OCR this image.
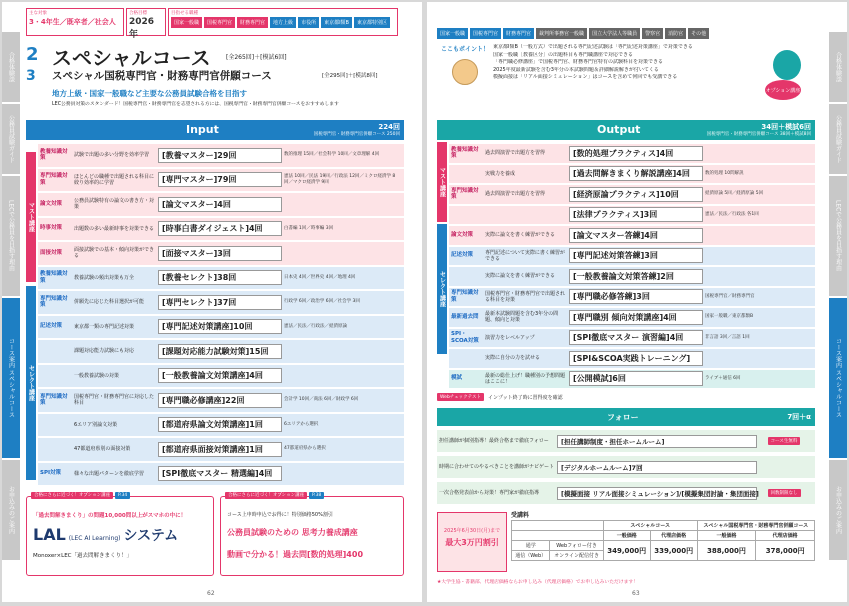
合格体験談
公務員試験ガイド
LECで公務員を目指す理由
コース案内 スペシャルコース
お申込みのご案内
主な対象
3・4年生／既卒者／社会人
合格目標
2026年
目指せる職種
国家一般職	国税専門官	財務専門官	地方上級	市役所	東京都Ⅰ類B	東京都特別区
2 スペシャルコース	[全265回]＋[模試6回]
3 スペシャル国税専門官・財務専門官併願コース	[全295回]＋[模試8回]
地方上級・国家一般職など主要な公務員試験合格を目指す
LEC公務員対策のスタンダード！国税専門官・財務専門官を志望される方には、国税専門官・財務専門官併願コースをおすすめします
Input	224回
国税専門官・財務専門官併願コース 250回
マスト講座
セレクト講座
教養知識対策	試験で出題の多い分野を効率学習	[教養マスター]29回	数的推理 15回／社会科学 10回／文章理解 4回
専門知識対策
ほとんどの職種で出題される科目に絞り効率的に学習	[専門マスター]79回	憲法 10回／民法 19回／行政法 12回／ミクロ経済学 8回／マクロ経済学 9回
論文対策	公務員試験特有の論文の書き方・対策	[論文マスター]4回
時事対策	出題数の多い最新時事を対策できる [時事白書ダイジェスト]4回	白書編 1回／時事編 3回
面接対策	面接試験での基本・傾向対策ができる	[面接マスター]3回
教養知識対策	教養試験の頻出対策も万全	[教養セレクト]38回	日本史 4回／世界史 4回／地理 4回
専門知識対策	併願先に応じた科目選択が可能	[専門セレクト]37回	行政学 6回／政治学 6回／社会学 3回
記述対策	東京都一類の専門記述対策	[専門記述対策講座]10回	憲法／民法／行政法／経済原論
課題対応能力試験にも対応	[課題対応能力試験対策]15回
一般教養試験の対策	[一般教養論文対策講座]4回
専門知識対策
国税専門官・財務専門官に対応した科目	[専門職必修講座]22回	会計学 10回／商法 6回／財政学 6回
6エリア別論文対策	[都道府県論文対策講座]1回	6エリアから選択
47都道府県別の面接対策	[都道府県面接対策講座]1回	47都道府県から選択
SPI対策	様々な出題パターンを徹底学習	[SPI徹底マスター 精選編]4回
合格にさらに近づく！オプション講座 P.34
「過去問解きまくり」の問題10,000問以上がスマホの中に！
LAL (LEC AI Learning) システム
Monoxer×LEC「過去問解きまくり！」
合格にさらに近づく！オプション講座 P.38
コース上申時申込でお得に！特別価格50%割引
公務員試験のための 思考力養成講座
動画で分かる！過去問[数的処理]400
62
合格体験談
公務員試験ガイド
LECで公務員を目指す理由
コース案内 スペシャルコース
お申込みのご案内
国家一般職	国税専門官	財務専門官	裁判所事務官一般職	国立大学法人等職員	警察官	消防官	その他
ここもポイント！ 東京都Ⅰ類B（一般方式）で出題される専門記述試験は「専門記述対策講座」で対策できる
国家一般職［教養区分］の出題科目も専門職講座で対応できる
「専門職必修講座」で国税専門官、財務専門官特有の試験科目を対策できる
2025年度最新試験を含む3年分の本試験問題＆詳細解説解きが付いてくる
模擬面接は「リアル面接シミュレーション」はコースを含めて何回でも受講できる
オプション講座
Output	34回＋模試6回
国税専門官・財務専門官併願コース 38回＋模試8回
マスト講座
セレクト講座
教養知識対策	過去問演習で出題方を習得	[数的処理ブラクティス]4回
実戦力を養成	[過去問解きまくり解説講座]4回	数的処理 10問解説
専門知識対策	過去問演習で出題方を習得	[経済原論プラクティス]10回	経済原論 5回／経済原論 5回
[法律プラクティス]3回	憲法／民法／行政法 各1回
論文対策	実際に論文を書く練習ができる	[論文マスター答練]4回
記述対策	専門記述について実際に書く練習ができる	[専門記述対策答練]3回
実際に論文を書く練習ができる	[一般教養論文対策答練]2回
専門知識対策
国税専門官・財務専門官で出題される科目を対策	[専門職必修答練]3回	国税専門官／財務専門官
最新過去問	最新本試験問題を含む3年分の問題、傾向と対策	[専門職別 傾向対策講座]4回	国家一般職／東京都類B
SPI・SCOA対策	演習力をレベルアップ	[SPI徹底マスター 演習編]4回	非言語 3回／言語 1回
実際に自分の力を試せる	[SPI&SCOA実践トレーニング]
模試	最新の総仕上げ！職種別の予想問題はここに！	[公開模試]6回	ライブ＋通信 6回
Webチェックテスト	インプット終了時に習得度を確認
フォロー	7回＋α
担任講師が個別指導！最終合格まで徹底フォロー	[担任講師制度・担任ホームルーム]	コース生無料
時期に合わせてのやるべきことを講師がナビゲート	[デジタルホームルーム]7回
一次合格発表前から対策！専門家が徹底指導	[模擬面接 リアル面接シミュレーション]/[模擬集団討論・集団面接]	回数制限なし
2025年6月30日(月)まで
最大3万円割引
受講料
		スペシャルコース		スペシャル国税専門官・財務専門官併願コース	
		一般価格	代理店価格	一般価格	代理店価格
通学	Webフォロー付き	349,000円	339,000円	388,000円	378,000円
通信（Web）	オンライン配信付き				
★大学生協・書籍部、代理店価格ならお申し込み（代理店価格）でお申し込みいただけます！
63
